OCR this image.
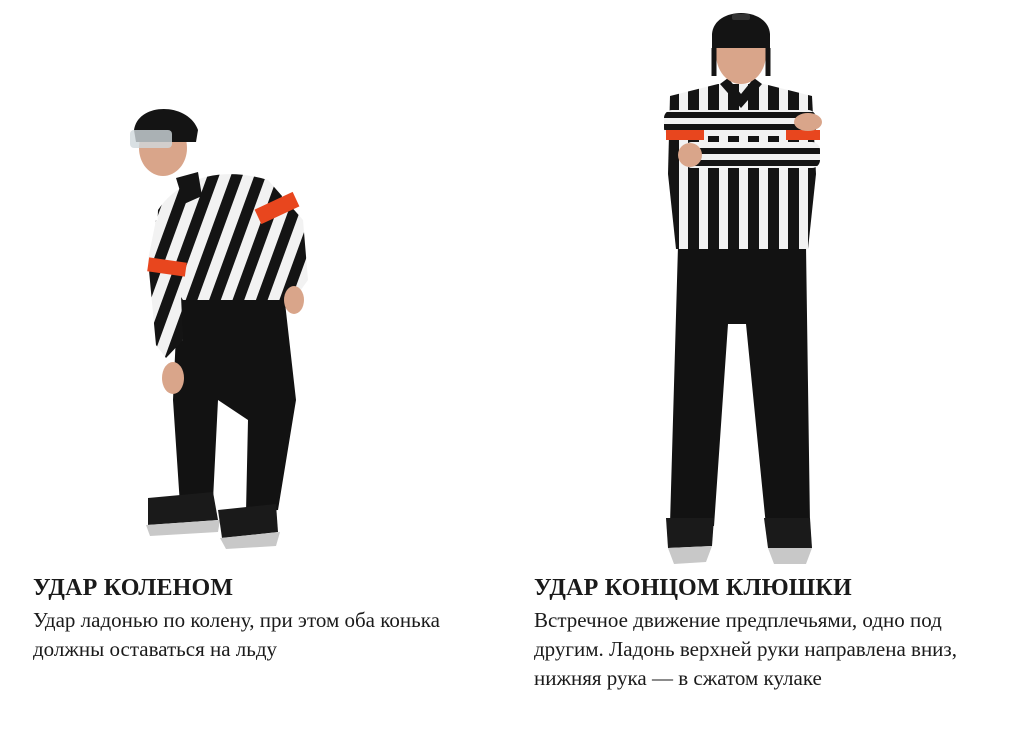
УДАР КОЛЕНОМ

Удар ладонью по колену, при этом оба конька должны оставаться на льду

УДАР КОНЦОМ КЛЮШКИ

Встречное движение предплечьями, одно под другим. Ладонь верхней руки направлена вниз, нижняя рука — в сжатом кулаке
